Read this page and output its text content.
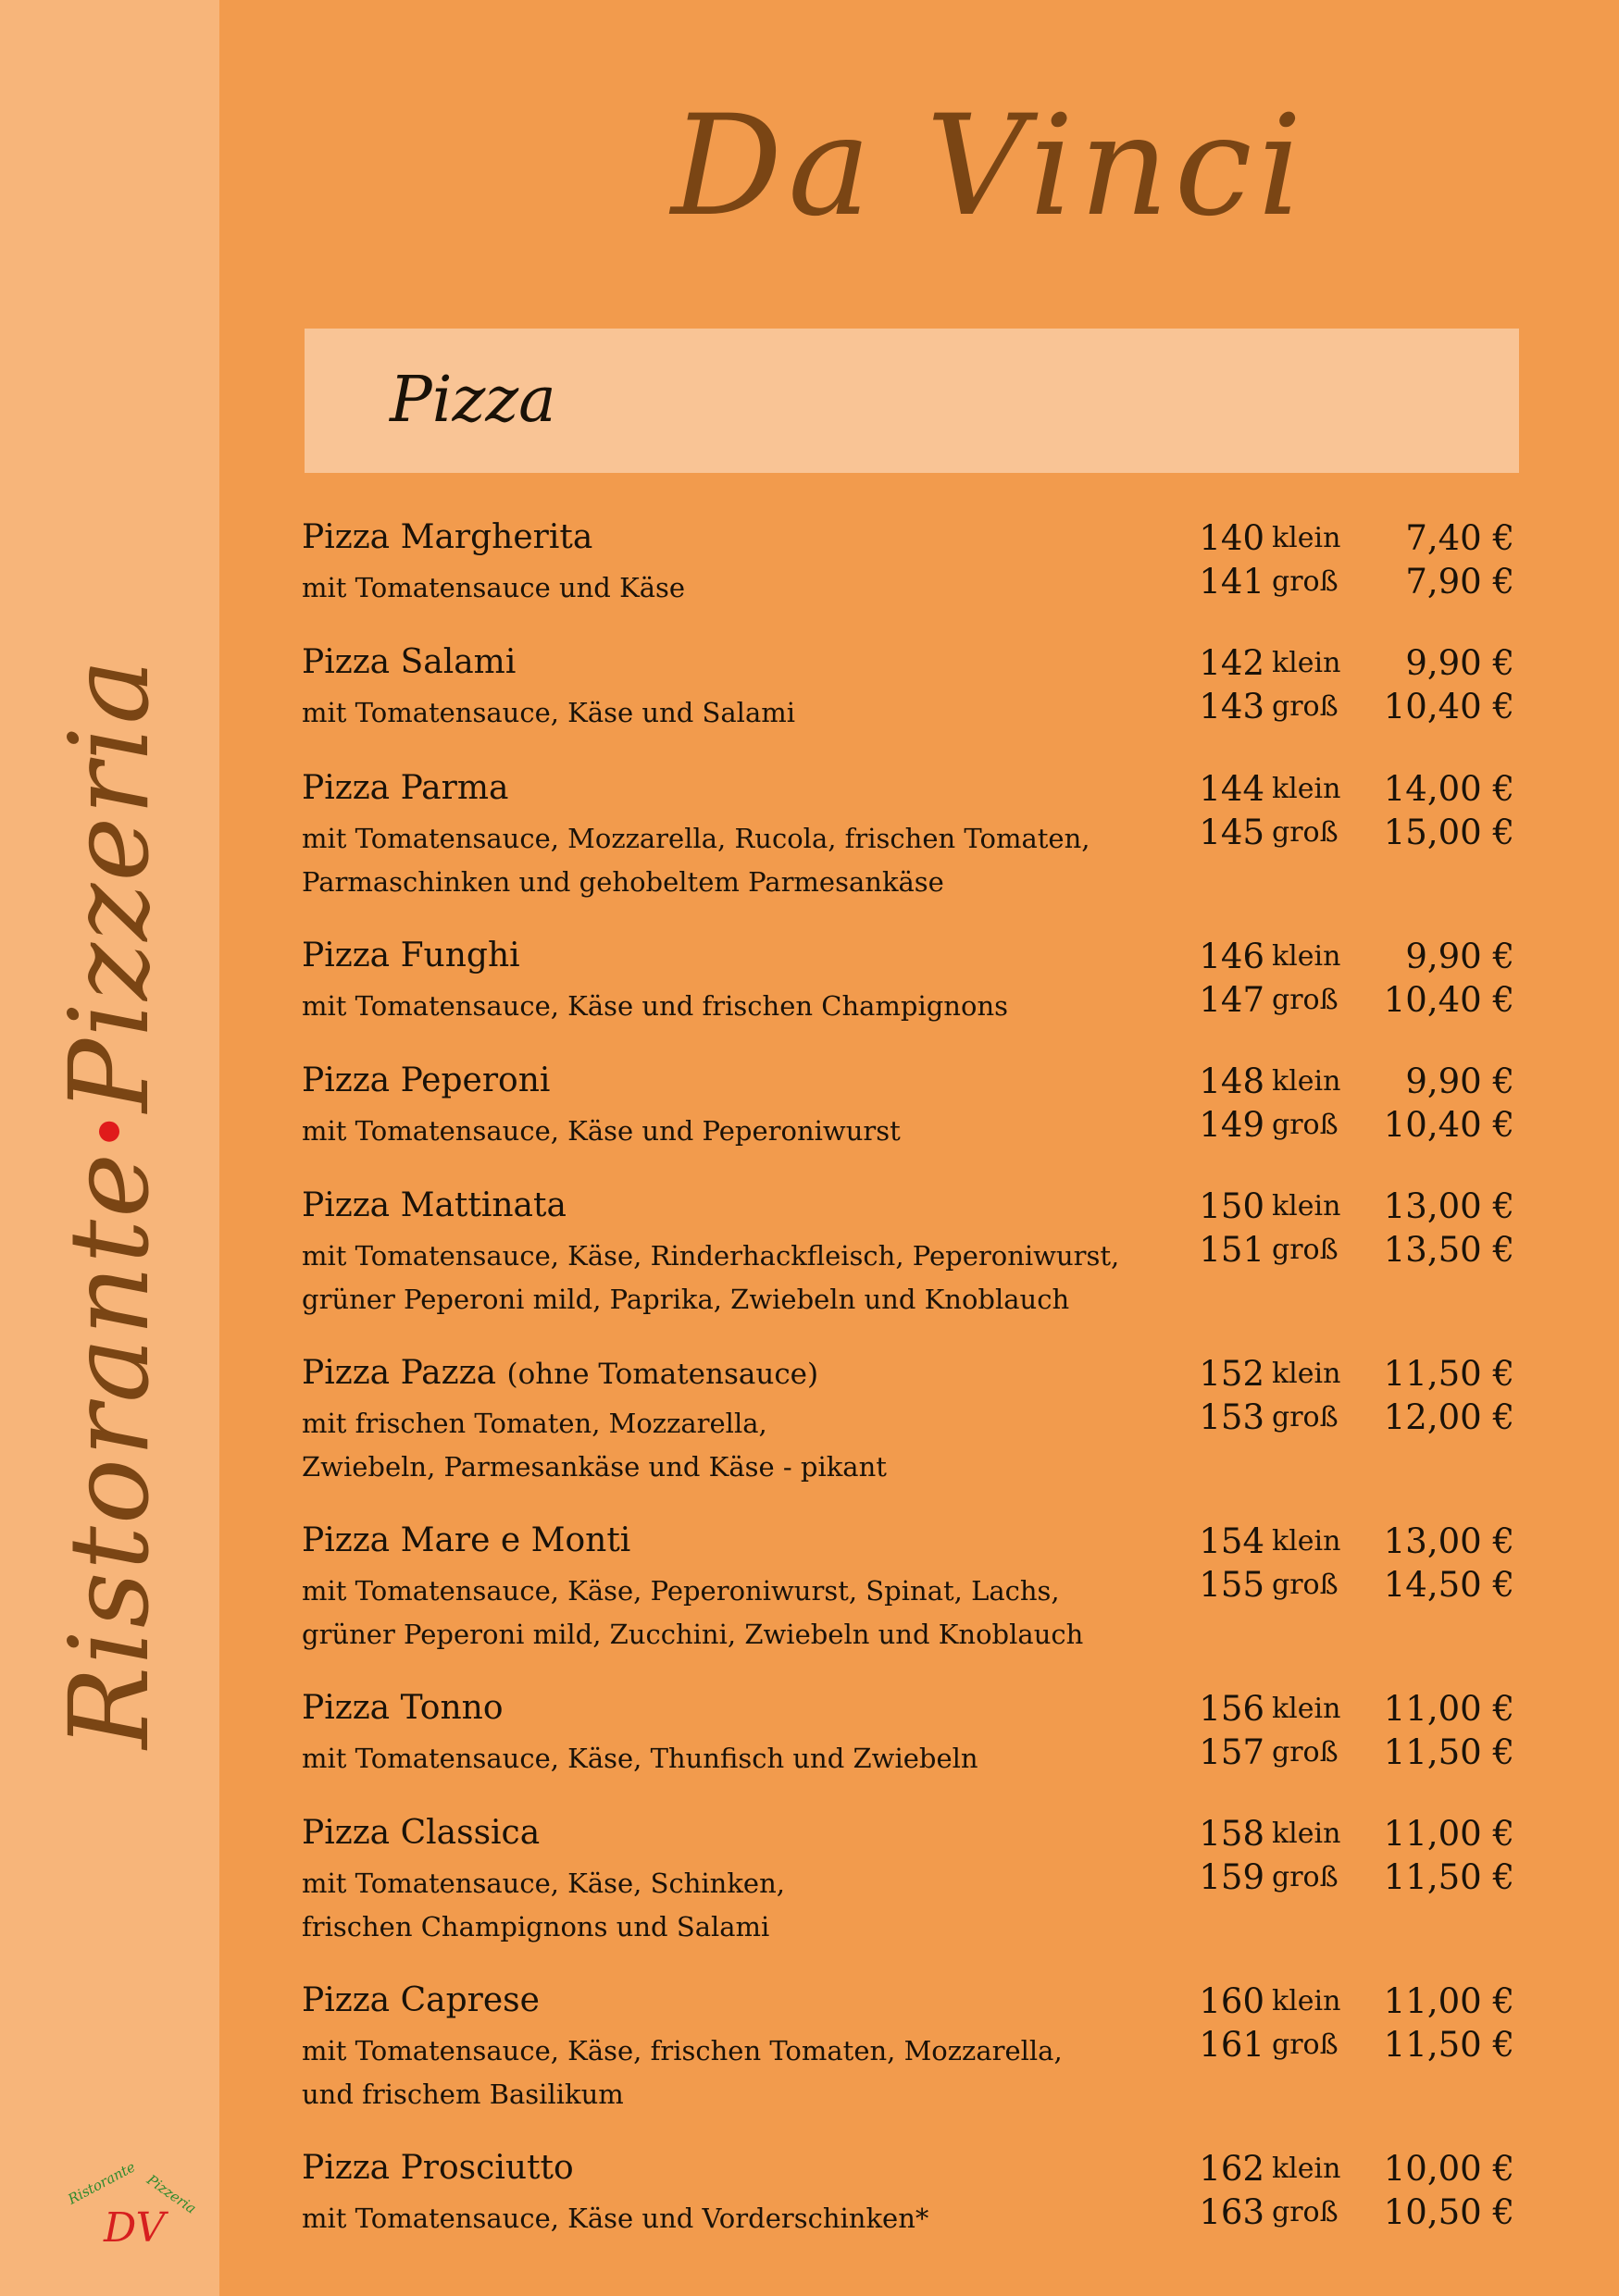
Ristorante
Pizzeria
Ristorante Pizzeria
DV
Da Vinci
Pizza
Pizza Margherita
mit Tomatensauce und Käse
140 klein	7,40 €
141 groß	7,90 €
Pizza Salami
mit Tomatensauce, Käse und Salami
142 klein	9,90 €
143 groß	10,40 €
Pizza Parma
mit Tomatensauce, Mozzarella, Rucola, frischen Tomaten,
Parmaschinken und gehobeltem Parmesankäse
144 klein	14,00 €
145 groß	15,00 €
Pizza Funghi
mit Tomatensauce, Käse und frischen Champignons
146 klein	9,90 €
147 groß	10,40 €
Pizza Peperoni
mit Tomatensauce, Käse und Peperoniwurst
148 klein	9,90 €
149 groß	10,40 €
Pizza Mattinata
mit Tomatensauce, Käse, Rinderhackfleisch, Peperoniwurst,
grüner Peperoni mild, Paprika, Zwiebeln und Knoblauch
150 klein	13,00 €
151 groß	13,50 €
Pizza Pazza (ohne Tomatensauce)
mit frischen Tomaten, Mozzarella,
Zwiebeln, Parmesankäse und Käse - pikant
152 klein	11,50 €
153 groß	12,00 €
Pizza Mare e Monti
mit Tomatensauce, Käse, Peperoniwurst, Spinat, Lachs,
grüner Peperoni mild, Zucchini, Zwiebeln und Knoblauch
154 klein	13,00 €
155 groß	14,50 €
Pizza Tonno
mit Tomatensauce, Käse, Thunfisch und Zwiebeln
156 klein	11,00 €
157 groß	11,50 €
Pizza Classica
mit Tomatensauce, Käse, Schinken,
frischen Champignons und Salami
158 klein	11,00 €
159 groß	11,50 €
Pizza Caprese
mit Tomatensauce, Käse, frischen Tomaten, Mozzarella,
und frischem Basilikum
160 klein	11,00 €
161 groß	11,50 €
Pizza Prosciutto
mit Tomatensauce, Käse und Vorderschinken*
162 klein	10,00 €
163 groß	10,50 €
